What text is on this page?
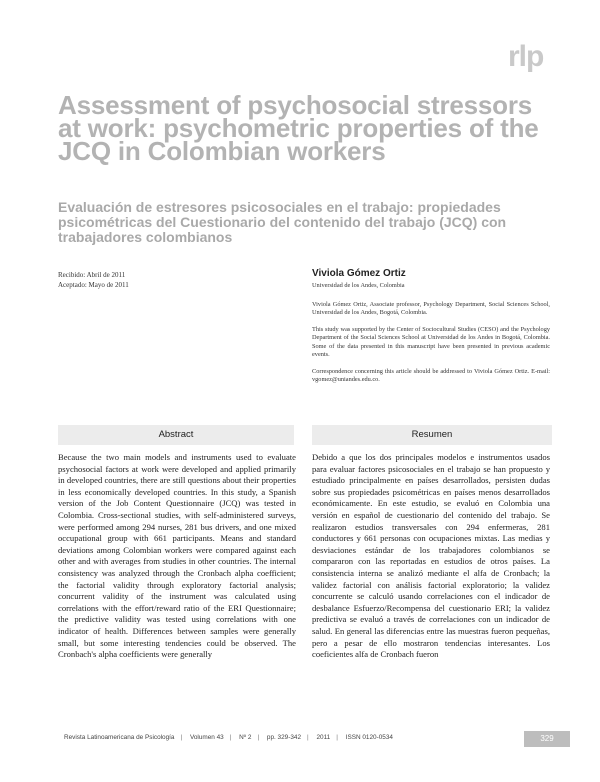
rlp
Assessment of psychosocial stressors at work: psychometric properties of the JCQ in Colombian workers
Evaluación de estresores psicosociales en el trabajo: propiedades psicométricas del Cuestionario del contenido del trabajo (JCQ) con trabajadores colombianos
Recibido: Abril de 2011
Aceptado: Mayo de 2011
Viviola Gómez Ortiz

Universidad de los Andes, Colombia

Viviola Gómez Ortiz, Associate professor, Psychology Department, Social Sciences School, Universidad de los Andes, Bogotá, Colombia.

This study was supported by the Center of Sociocultural Studies (CESO) and the Psychology Department of the Social Sciences School at Universidad de los Andes in Bogotá, Colombia. Some of the data presented in this manuscript have been presented in previous academic events.

Correspondence concerning this article should be addressed to Viviola Gómez Ortiz. E-mail: vgomez@uniandes.edu.co.

Abstract	Resumen

Because the two main models and instruments used to evaluate psychosocial factors at work were developed and applied primarily in developed countries, there are still questions about their properties in less economically developed countries. In this study, a Spanish version of the Job Content Questionnaire (JCQ) was tested in Colombia. Cross-sectional studies, with self-administered surveys, were performed among 294 nurses, 281 bus drivers, and one mixed occupational group with 661 participants. Means and standard deviations among Colombian workers were compared against each other and with averages from studies in other countries. The internal consistency was analyzed through the Cronbach alpha coefficient; the factorial validity through exploratory factorial analysis; concurrent validity of the instrument was calculated using correlations with the effort/reward ratio of the ERI Questionnaire; the predictive validity was tested using correlations with one indicator of health. Differences between samples were generally small, but some interesting tendencies could be observed. The Cronbach's alpha coefficients were generally

Debido a que los dos principales modelos e instrumentos usados para evaluar factores psicosociales en el trabajo se han propuesto y estudiado principalmente en países desarrollados, persisten dudas sobre sus propiedades psicométricas en países menos desarrollados económicamente. En este estudio, se evaluó en Colombia una versión en español de cuestionario del contenido del trabajo. Se realizaron estudios transversales con 294 enfermeras, 281 conductores y 661 personas con ocupaciones mixtas. Las medias y desviaciones estándar de los trabajadores colombianos se compararon con las reportadas en estudios de otros países. La consistencia interna se analizó mediante el alfa de Cronbach; la validez factorial con análisis factorial exploratorio; la validez concurrente se calculó usando correlaciones con el indicador de desbalance Esfuerzo/Recompensa del cuestionario ERI; la validez predictiva se evaluó a través de correlaciones con un indicador de salud. En general las diferencias entre las muestras fueron pequeñas, pero a pesar de ello mostraron tendencias interesantes. Los coeficientes alfa de Cronbach fueron

Revista Latinoamericana de Psicología | Volumen 43 | Nº 2 | pp. 329-342 | 2011 | ISSN 0120-0534	329
